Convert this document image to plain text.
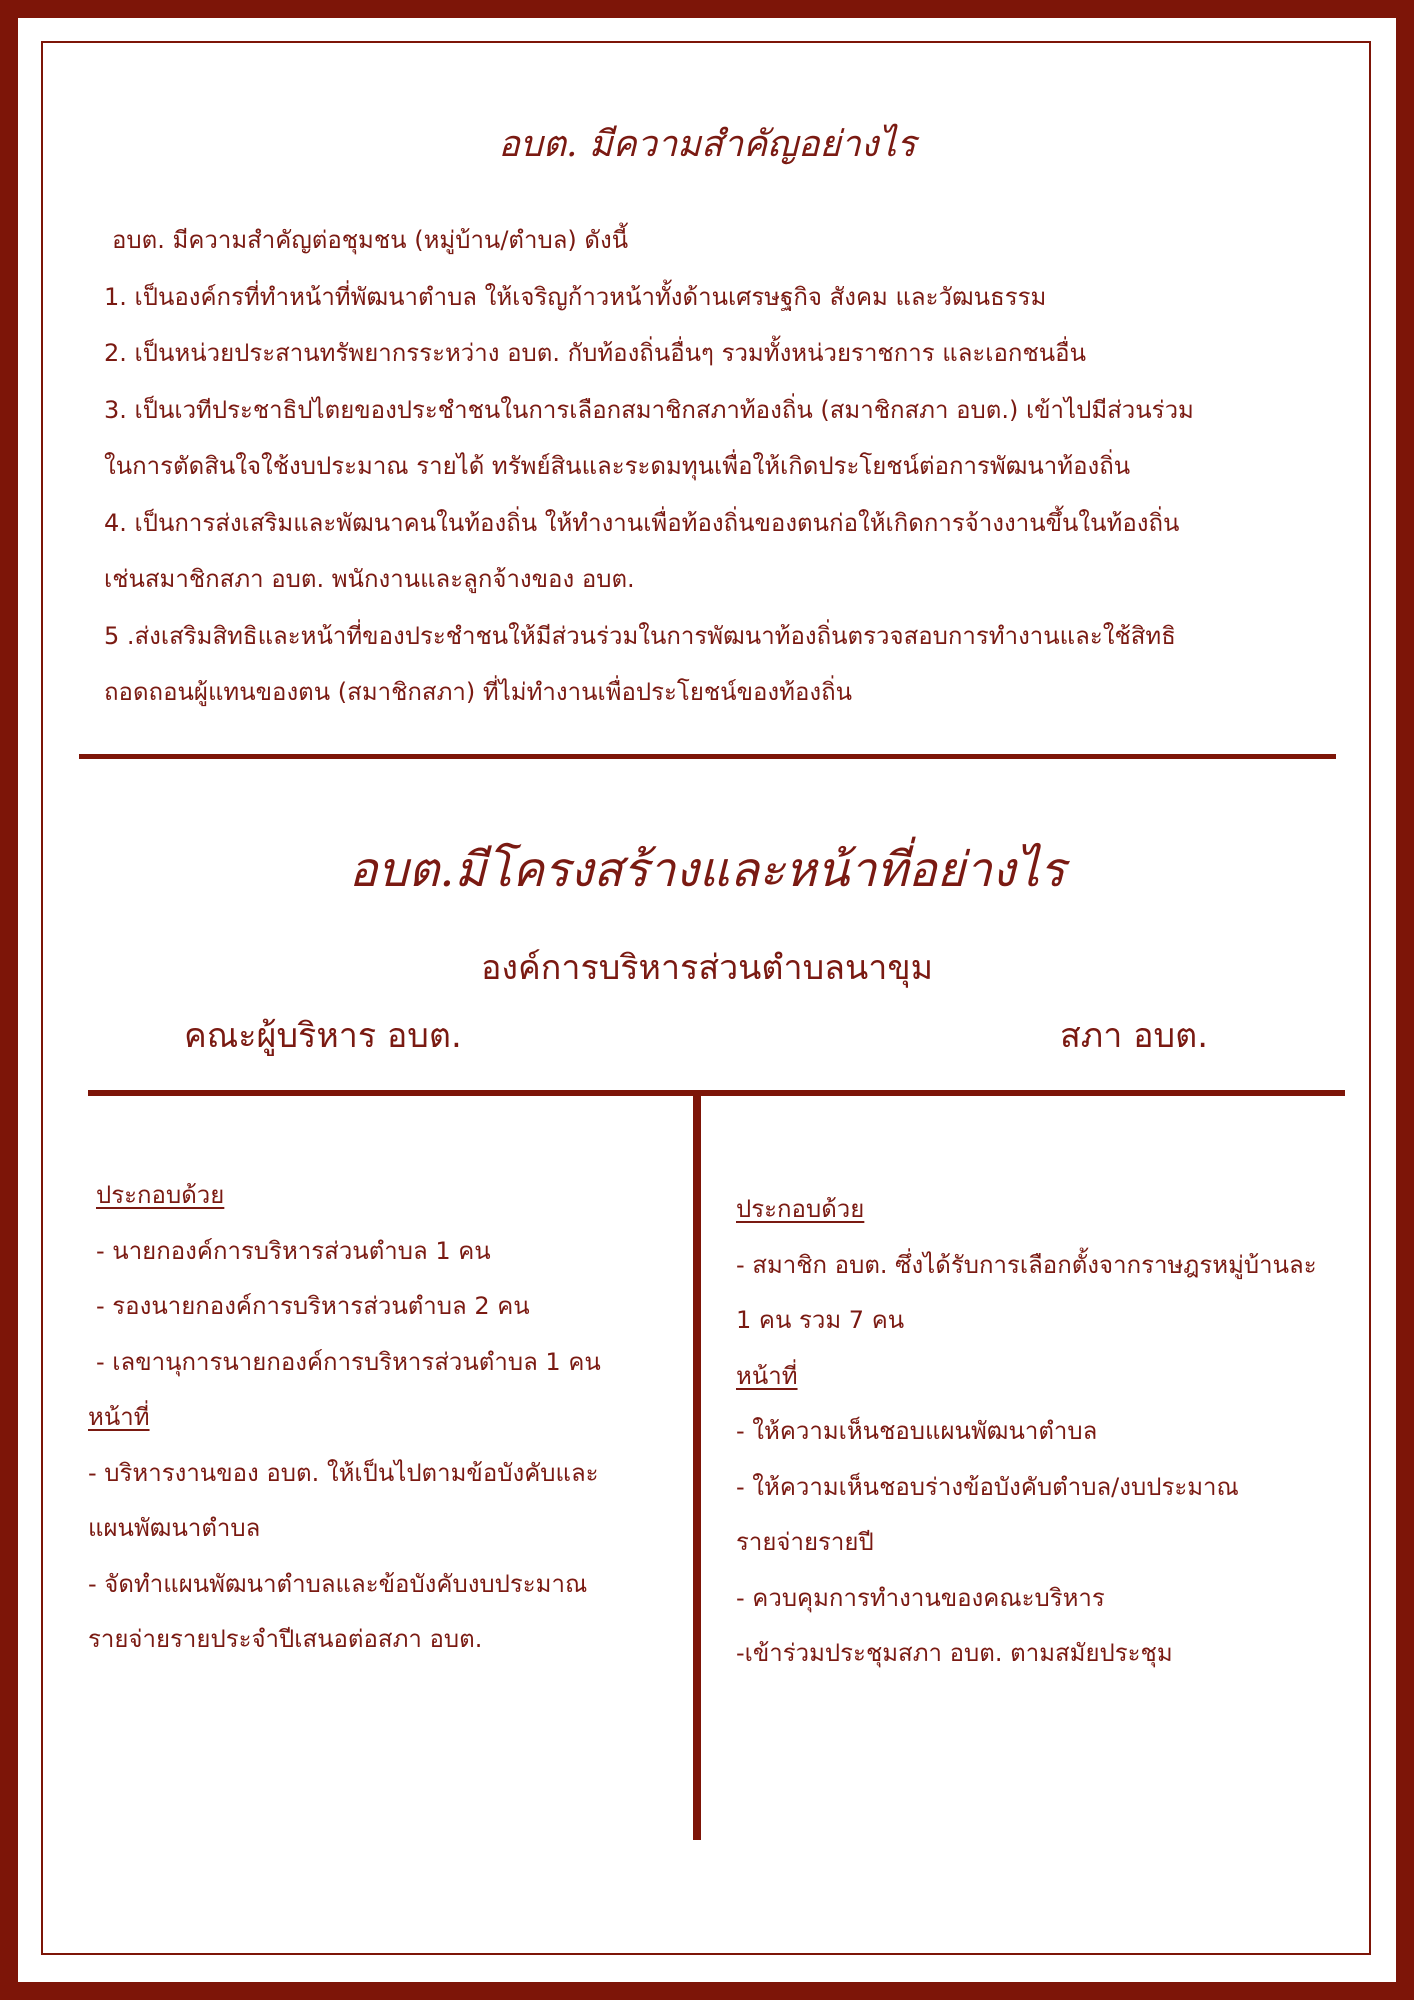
อบต. มีความสำคัญอย่างไร
อบต. มีความสำคัญต่อชุมชน (หมู่บ้าน/ตำบล) ดังนี้
1. เป็นองค์กรที่ทำหน้าที่พัฒนาตำบล ให้เจริญก้าวหน้าทั้งด้านเศรษฐกิจ สังคม และวัฒนธรรม
2. เป็นหน่วยประสานทรัพยากรระหว่าง อบต. กับท้องถิ่นอื่นๆ รวมทั้งหน่วยราชการ และเอกชนอื่น
3. เป็นเวทีประชาธิปไตยของประชำชนในการเลือกสมาชิกสภาท้องถิ่น (สมาชิกสภา อบต.) เข้าไปมีส่วนร่วม
ในการตัดสินใจใช้งบประมาณ รายได้ ทรัพย์สินและระดมทุนเพื่อให้เกิดประโยชน์ต่อการพัฒนาท้องถิ่น
4. เป็นการส่งเสริมและพัฒนาคนในท้องถิ่น ให้ทำงานเพื่อท้องถิ่นของตนก่อให้เกิดการจ้างงานขึ้นในท้องถิ่น
เช่นสมาชิกสภา อบต. พนักงานและลูกจ้างของ อบต.
5 .ส่งเสริมสิทธิและหน้าที่ของประชำชนให้มีส่วนร่วมในการพัฒนาท้องถิ่นตรวจสอบการทำงานและใช้สิทธิ
ถอดถอนผู้แทนของตน (สมาชิกสภา) ที่ไม่ทำงานเพื่อประโยชน์ของท้องถิ่น
อบต.มีโครงสร้างและหน้าที่อย่างไร
องค์การบริหารส่วนตำบลนาขุม
คณะผู้บริหาร อบต.	สภา อบต.
ประกอบด้วย
- นายกองค์การบริหารส่วนตำบล 1 คน
- รองนายกองค์การบริหารส่วนตำบล 2 คน
- เลขานุการนายกองค์การบริหารส่วนตำบล 1 คน
หน้าที่
- บริหารงานของ อบต. ให้เป็นไปตามข้อบังคับและ
แผนพัฒนาตำบล
- จัดทำแผนพัฒนาตำบลและข้อบังคับงบประมาณ
รายจ่ายรายประจำปีเสนอต่อสภา อบต.
ประกอบด้วย
- สมาชิก อบต. ซึ่งได้รับการเลือกตั้งจากราษฎรหมู่บ้านละ
1 คน รวม 7 คน
หน้าที่
- ให้ความเห็นชอบแผนพัฒนาตำบล
- ให้ความเห็นชอบร่างข้อบังคับตำบล/งบประมาณ
รายจ่ายรายปี
- ควบคุมการทำงานของคณะบริหาร
-เข้าร่วมประชุมสภา อบต. ตามสมัยประชุม
